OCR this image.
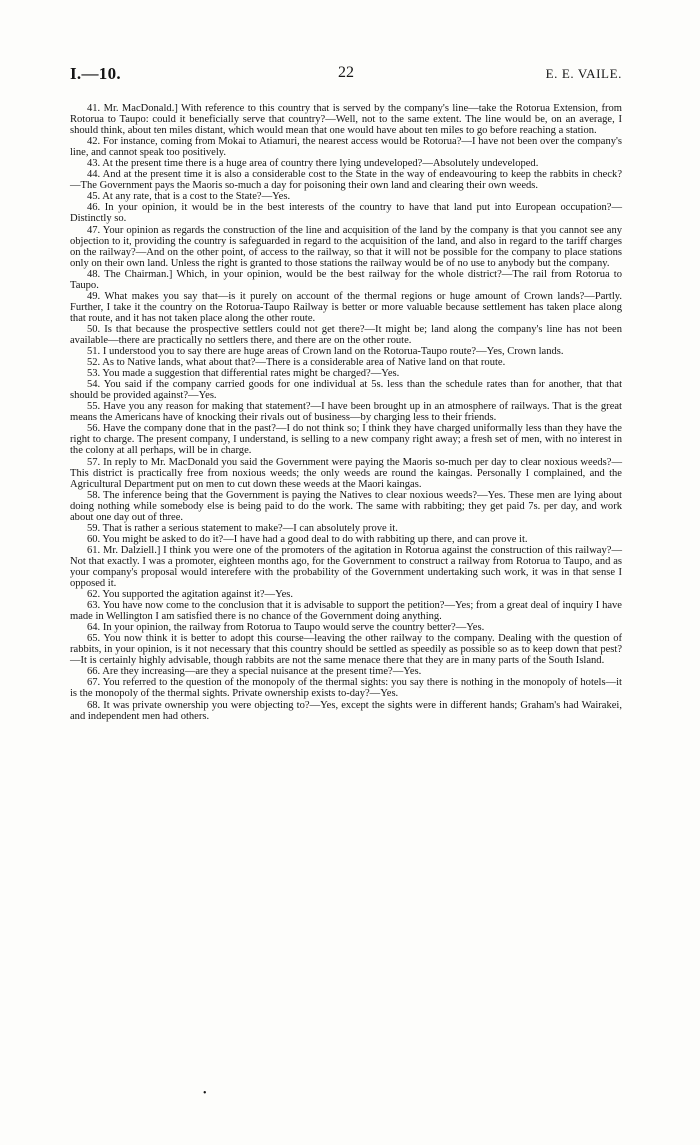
I.—10.	22	E. E. VAILE.

41. Mr. MacDonald.] With reference to this country that is served by the company's line—take the Rotorua Extension, from Rotorua to Taupo: could it beneficially serve that country?—Well, not to the same extent. The line would be, on an average, I should think, about ten miles distant, which would mean that one would have about ten miles to go before reaching a station.

42. For instance, coming from Mokai to Atiamuri, the nearest access would be Rotorua?—I have not been over the company's line, and cannot speak too positively.

43. At the present time there is a huge area of country there lying undeveloped?—Absolutely undeveloped.

44. And at the present time it is also a considerable cost to the State in the way of endeavouring to keep the rabbits in check?—The Government pays the Maoris so-much a day for poisoning their own land and clearing their own weeds.

45. At any rate, that is a cost to the State?—Yes.

46. In your opinion, it would be in the best interests of the country to have that land put into European occupation?—Distinctly so.

47. Your opinion as regards the construction of the line and acquisition of the land by the company is that you cannot see any objection to it, providing the country is safeguarded in regard to the acquisition of the land, and also in regard to the tariff charges on the railway?—And on the other point, of access to the railway, so that it will not be possible for the company to place stations only on their own land. Unless the right is granted to those stations the railway would be of no use to anybody but the company.

48. The Chairman.] Which, in your opinion, would be the best railway for the whole district?—The rail from Rotorua to Taupo.

49. What makes you say that—is it purely on account of the thermal regions or huge amount of Crown lands?—Partly. Further, I take it the country on the Rotorua-Taupo Railway is better or more valuable because settlement has taken place along that route, and it has not taken place along the other route.

50. Is that because the prospective settlers could not get there?—It might be; land along the company's line has not been available—there are practically no settlers there, and there are on the other route.

51. I understood you to say there are huge areas of Crown land on the Rotorua-Taupo route?—Yes, Crown lands.

52. As to Native lands, what about that?—There is a considerable area of Native land on that route.

53. You made a suggestion that differential rates might be charged?—Yes.

54. You said if the company carried goods for one individual at 5s. less than the schedule rates than for another, that that should be provided against?—Yes.

55. Have you any reason for making that statement?—I have been brought up in an atmosphere of railways. That is the great means the Americans have of knocking their rivals out of business—by charging less to their friends.

56. Have the company done that in the past?—I do not think so; I think they have charged uniformally less than they have the right to charge. The present company, I understand, is selling to a new company right away; a fresh set of men, with no interest in the colony at all perhaps, will be in charge.

57. In reply to Mr. MacDonald you said the Government were paying the Maoris so-much per day to clear noxious weeds?—This district is practically free from noxious weeds; the only weeds are round the kaingas. Personally I complained, and the Agricultural Department put on men to cut down these weeds at the Maori kaingas.

58. The inference being that the Government is paying the Natives to clear noxious weeds?—Yes. These men are lying about doing nothing while somebody else is being paid to do the work. The same with rabbiting; they get paid 7s. per day, and work about one day out of three.

59. That is rather a serious statement to make?—I can absolutely prove it.

60. You might be asked to do it?—I have had a good deal to do with rabbiting up there, and can prove it.

61. Mr. Dalziell.] I think you were one of the promoters of the agitation in Rotorua against the construction of this railway?—Not that exactly. I was a promoter, eighteen months ago, for the Government to construct a railway from Rotorua to Taupo, and as your company's proposal would interefere with the probability of the Government undertaking such work, it was in that sense I opposed it.

62. You supported the agitation against it?—Yes.

63. You have now come to the conclusion that it is advisable to support the petition?—Yes; from a great deal of inquiry I have made in Wellington I am satisfied there is no chance of the Government doing anything.

64. In your opinion, the railway from Rotorua to Taupo would serve the country better?—Yes.

65. You now think it is better to adopt this course—leaving the other railway to the company. Dealing with the question of rabbits, in your opinion, is it not necessary that this country should be settled as speedily as possible so as to keep down that pest?—It is certainly highly advisable, though rabbits are not the same menace there that they are in many parts of the South Island.

66. Are they increasing—are they a special nuisance at the present time?—Yes.

67. You referred to the question of the monopoly of the thermal sights: you say there is nothing in the monopoly of hotels—it is the monopoly of the thermal sights. Private ownership exists to-day?—Yes.

68. It was private ownership you were objecting to?—Yes, except the sights were in different hands; Graham's had Wairakei, and independent men had others.

•
